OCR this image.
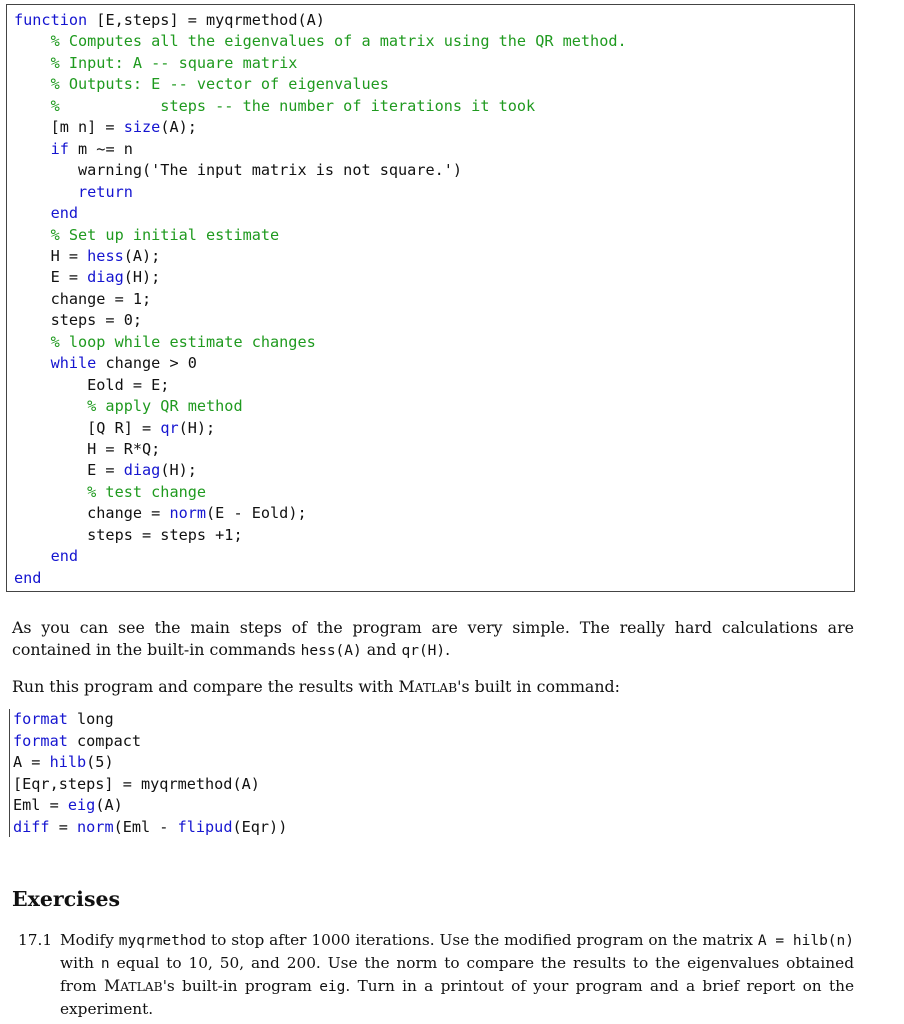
function [E,steps] = myqrmethod(A)
% Computes all the eigenvalues of a matrix using the QR method.
% Input: A -- square matrix
% Outputs: E -- vector of eigenvalues
%           steps -- the number of iterations it took
[m n] = size(A);
if m ~= n
warning('The input matrix is not square.')
return
end
% Set up initial estimate
H = hess(A);
E = diag(H);
change = 1;
steps = 0;
% loop while estimate changes
while change > 0
Eold = E;
% apply QR method
[Q R] = qr(H);
H = R*Q;
E = diag(H);
% test change
change = norm(E - Eold);
steps = steps +1;
end
end

As you can see the main steps of the program are very simple. The really hard calculations are contained in the built-in commands hess(A) and qr(H).

Run this program and compare the results with MATLAB's built in command:

format long
format compact
A = hilb(5)
[Eqr,steps] = myqrmethod(A)
Eml = eig(A)
diff = norm(Eml - flipud(Eqr))
Exercises
17.1 Modify myqrmethod to stop after 1000 iterations. Use the modified program on the matrix A = hilb(n) with n equal to 10, 50, and 200. Use the norm to compare the results to the eigenvalues obtained from MATLAB's built-in program eig. Turn in a printout of your program and a brief report on the experiment.
